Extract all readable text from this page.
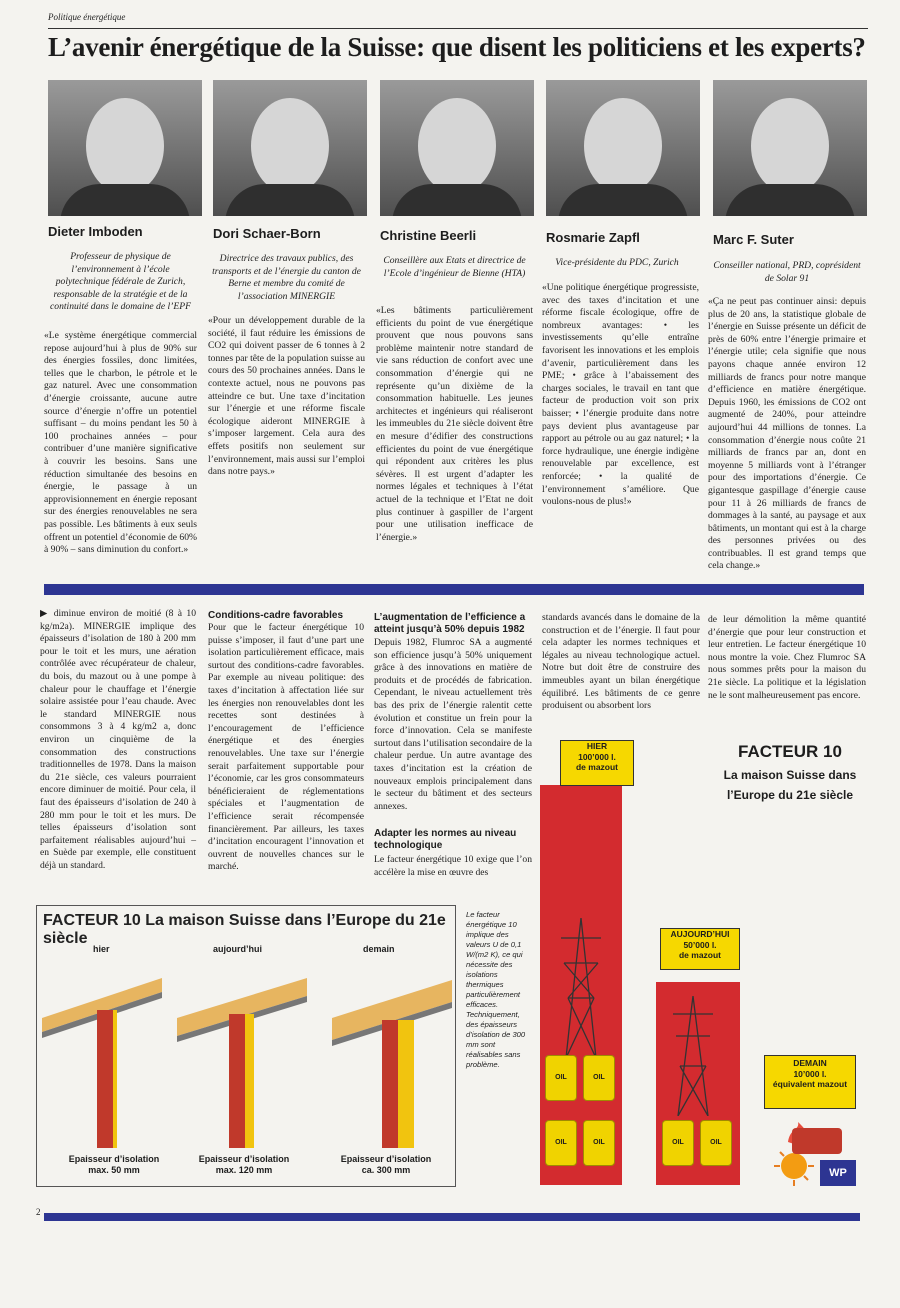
Politique énergétique
L’avenir énergétique de la Suisse: que disent les politiciens et les experts?
Dieter Imboden	Dori Schaer-Born	Christine Beerli	Rosmarie Zapfl	Marc F. Suter
Professeur de physique de l’environnement à l’école polytechnique fédérale de Zurich, responsable de la stratégie et de la continuité dans le domaine de l’EPF
Directrice des travaux publics, des transports et de l’énergie du canton de Berne et membre du comité de l’association MINERGIE
Conseillère aux Etats et directrice de l’Ecole d’ingénieur de Bienne (HTA)
Vice-présidente du PDC, Zurich	Conseiller national, PRD, coprésident de Solar 91
«Le système énergétique commercial repose aujourd’hui à plus de 90% sur des énergies fossiles, donc limitées, telles que le charbon, le pétrole et le gaz naturel. Avec une consommation d’énergie croissante, aucune autre source d’énergie n’offre un potentiel suffisant – du moins pendant les 50 à 100 prochaines années – pour contribuer d’une manière significative à couvrir les besoins. Sans une réduction simultanée des besoins en énergie, le passage à un approvisionnement en énergie reposant sur des énergies renouvelables ne sera pas possible. Les bâtiments à eux seuls offrent un potentiel d’économie de 60% à 90% – sans diminution du confort.»
«Pour un développement durable de la société, il faut réduire les émissions de CO2 qui doivent passer de 6 tonnes à 2 tonnes par tête de la population suisse au cours des 50 prochaines années. Dans le contexte actuel, nous ne pouvons pas atteindre ce but. Une taxe d’incitation sur l’énergie et une réforme fiscale écologique aideront MINERGIE à s’imposer largement. Cela aura des effets positifs non seulement sur l’environnement, mais aussi sur l’emploi dans notre pays.»
«Les bâtiments particulièrement efficients du point de vue énergétique prouvent que nous pouvons sans problème maintenir notre standard de vie sans réduction de confort avec une consommation d’énergie qui ne représente qu’un dixième de la consommation habituelle. Les jeunes architectes et ingénieurs qui réaliseront les immeubles du 21e siècle doivent être en mesure d’édifier des constructions efficientes du point de vue énergétique qui répondent aux critères les plus sévères. Il est urgent d’adapter les normes légales et techniques à l’état actuel de la technique et l’Etat ne doit plus continuer à gaspiller de l’argent pour une utilisation inefficace de l’énergie.»
«Une politique énergétique progressiste, avec des taxes d’incitation et une réforme fiscale écologique, offre de nombreux avantages: • les investissements qu’elle entraîne favorisent les innovations et les emplois d’avenir, particulièrement dans les PME; • grâce à l’abaissement des charges sociales, le travail en tant que facteur de production voit son prix baisser; • l’énergie produite dans notre pays devient plus avantageuse par rapport au pétrole ou au gaz naturel; • la force hydraulique, une énergie indigène renouvelable par excellence, est renforcée; • la qualité de l’environnement s’améliore. Que voulons-nous de plus!»
«Ça ne peut pas continuer ainsi: depuis plus de 20 ans, la statistique globale de l’énergie en Suisse présente un déficit de près de 60% entre l’énergie primaire et l’énergie utile; cela signifie que nous payons chaque année environ 12 milliards de francs pour notre manque d’efficience en matière énergétique. Depuis 1960, les émissions de CO2 ont augmenté de 240%, pour atteindre aujourd’hui 44 millions de tonnes. La consommation d’énergie nous coûte 21 milliards de francs par an, dont en moyenne 5 milliards vont à l’étranger pour des importations d’énergie. Ce gigantesque gaspillage d’énergie cause pour 11 à 26 milliards de francs de dommages à la santé, au paysage et aux bâtiments, un montant qui est à la charge des personnes privées ou des contribuables. Il est grand temps que cela change.»
▶ diminue environ de moitié (8 à 10 kg/m2a). MINERGIE implique des épaisseurs d’isolation de 180 à 200 mm pour le toit et les murs, une aération contrôlée avec récupérateur de chaleur, du bois, du mazout ou à une pompe à chaleur pour le chauffage et l’énergie solaire assistée pour l’eau chaude. Avec le standard MINERGIE nous consommons 3 à 4 kg/m2 a, donc environ un cinquième de la consommation des constructions traditionnelles de 1978. Dans la maison du 21e siècle, ces valeurs pourraient encore diminuer de moitié. Pour cela, il faut des épaisseurs d’isolation de 240 à 280 mm pour le toit et les murs. De telles épaisseurs d’isolation sont parfaitement réalisables aujourd’hui – en Suède par exemple, elle constituent déjà un standard.
Conditions-cadre favorables
Pour que le facteur énergétique 10 puisse s’imposer, il faut d’une part une isolation particulièrement efficace, mais surtout des conditions-cadre favorables. Par exemple au niveau politique: des taxes d’incitation à affectation liée sur les énergies non renouvelables dont les recettes sont destinées à l’encouragement de l’efficience énergétique et des énergies renouvelables. Une taxe sur l’énergie serait parfaitement supportable pour l’économie, car les gros consommateurs bénéficieraient de réglementations spéciales et l’augmentation de l’efficience serait récompensée financièrement. Par ailleurs, les taxes d’incitation encouragent l’innovation et ouvrent de nouvelles chances sur le marché.
L’augmentation de l’efficience a atteint jusqu’à 50% depuis 1982
Depuis 1982, Flumroc SA a augmenté son efficience jusqu’à 50% uniquement grâce à des innovations en matière de produits et de procédés de fabrication. Cependant, le niveau actuellement très bas des prix de l’énergie ralentit cette évolution et constitue un frein pour la force d’innovation. Cela se manifeste surtout dans l’utilisation secondaire de la chaleur perdue. Un autre avantage des taxes d’incitation est la création de nouveaux emplois principalement dans le secteur du bâtiment et des secteurs annexes.
Adapter les normes au niveau technologique
Le facteur énergétique 10 exige que l’on accélère la mise en œuvre des
standards avancés dans le domaine de la construction et de l’énergie. Il faut pour cela adapter les normes techniques et légales au niveau technologique actuel. Notre but doit être de construire des immeubles ayant un bilan énergétique équilibré. Les bâtiments de ce genre produisent ou absorbent lors
de leur démolition la même quantité d’énergie que pour leur construction et leur entretien. Le facteur énergétique 10 nous montre la voie. Chez Flumroc SA nous sommes prêts pour la maison du 21e siècle. La politique et la législation ne le sont malheureusement pas encore.
FACTEUR 10 La maison Suisse dans l’Europe du 21e siècle
hier	aujourd’hui	demain
Epaisseur d’isolation
max. 50 mm
Epaisseur d’isolation
max. 120 mm
Epaisseur d’isolation
ca. 300 mm
Le facteur énergétique 10 implique des valeurs U de 0,1 W/(m2 K), ce qui nécessite des isolations thermiques particulièrement efficaces. Techniquement, des épaisseurs d’isolation de 300 mm sont réalisables sans problème.
HIER
100’000 l.
de mazout
AUJOURD’HUI
50’000 l.
de mazout
OIL	OIL
OIL	OIL	OIL	OIL
FACTEUR 10
La maison Suisse dans
l’Europe du 21e siècle
DEMAIN
10’000 l.
équivalent mazout
WP
2
